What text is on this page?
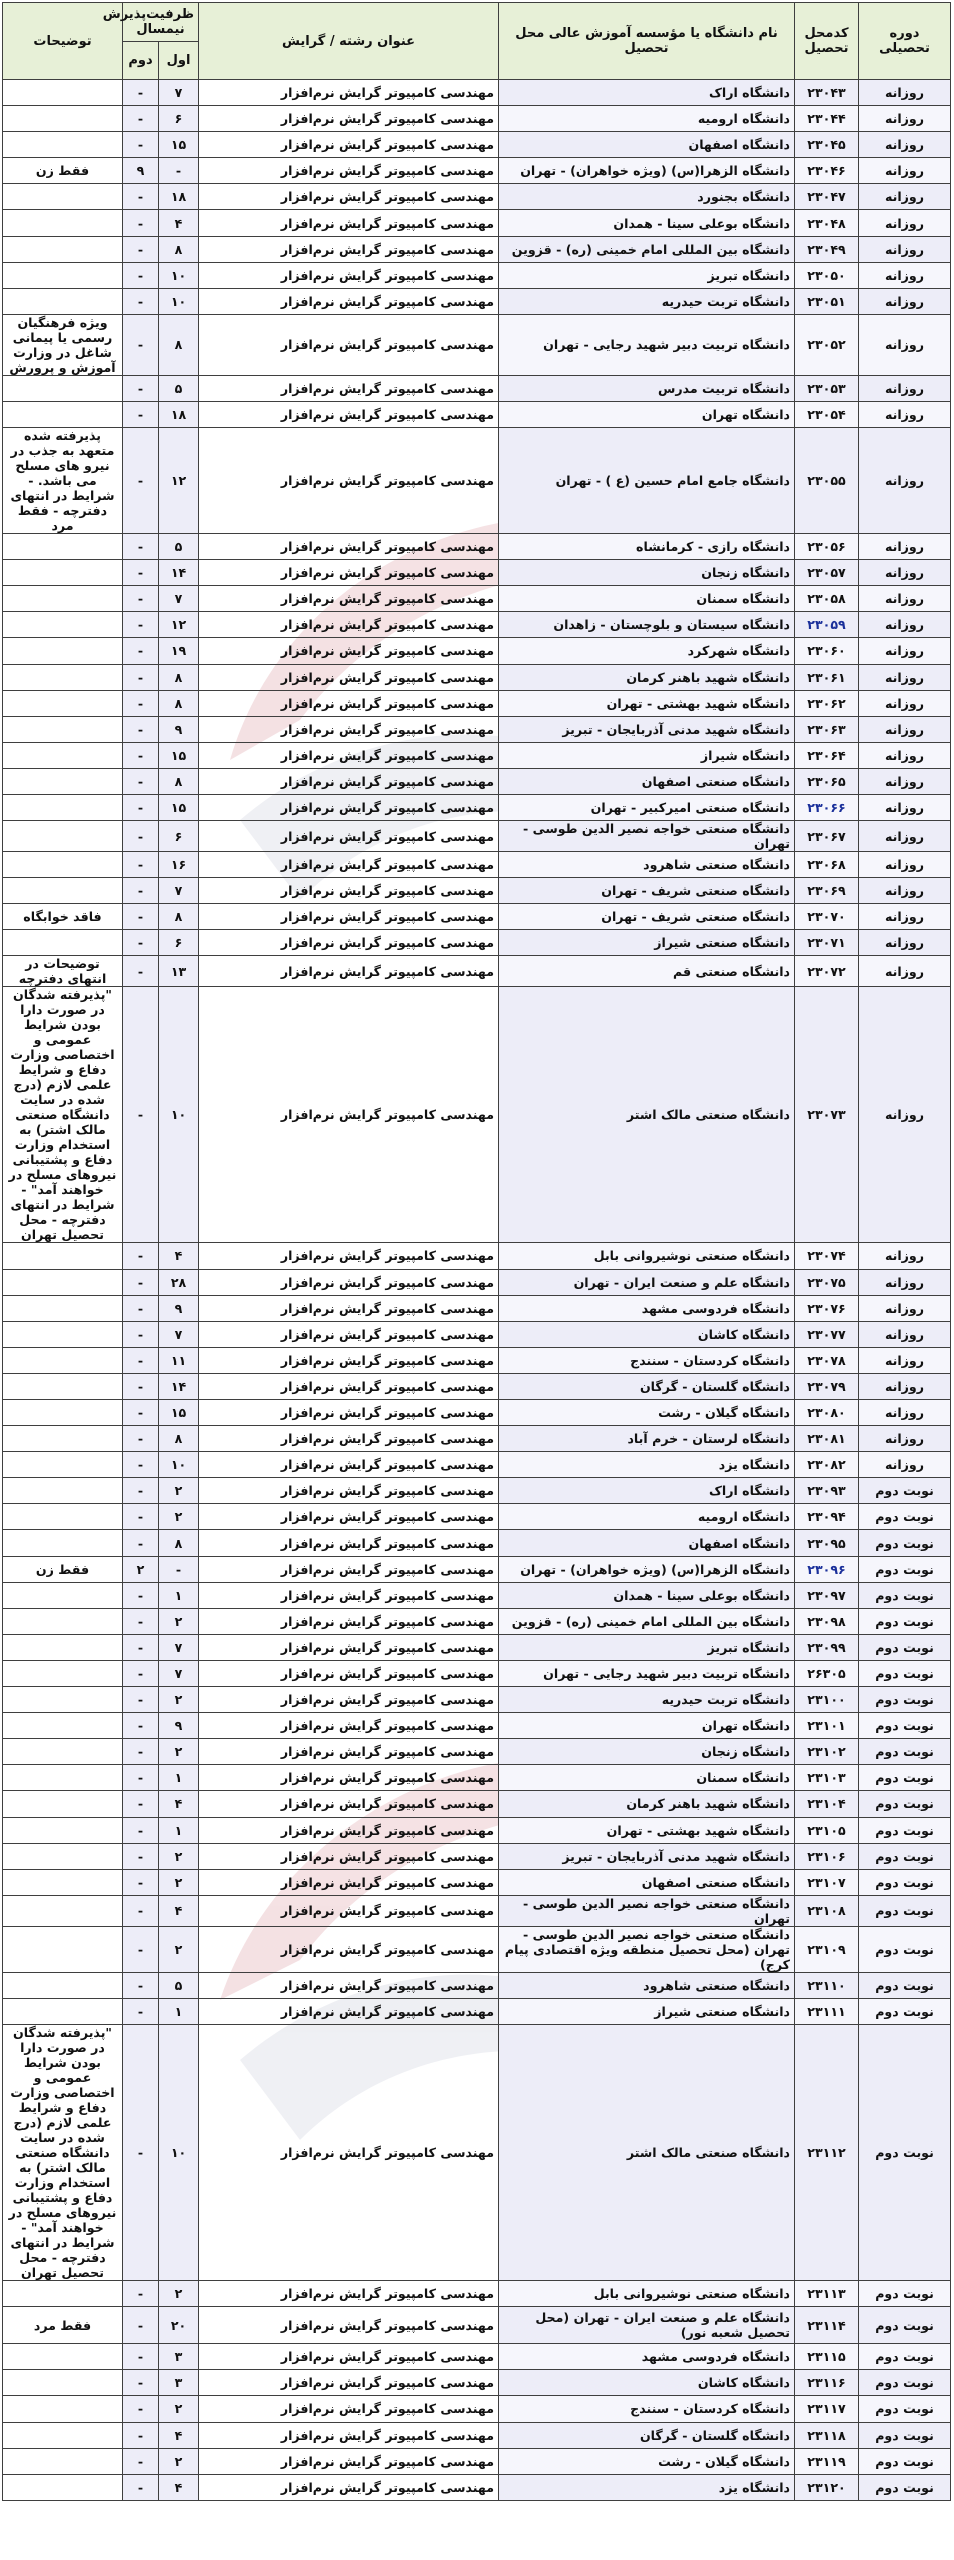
دوره تحصیلی	کدمحل تحصیل	نام دانشگاه یا مؤسسه آموزش عالی محل تحصیل	عنوان رشته / گرایش	ظرفیت‌پذیرش نیمسال		توضیحات
				اول	دوم	
روزانه	۲۳۰۴۳	دانشگاه اراک	مهندسی کامپیوتر گرایش نرم‌افزار	۷	-	
روزانه	۲۳۰۴۴	دانشگاه ارومیه	مهندسی کامپیوتر گرایش نرم‌افزار	۶	-	
روزانه	۲۳۰۴۵	دانشگاه اصفهان	مهندسی کامپیوتر گرایش نرم‌افزار	۱۵	-	
روزانه	۲۳۰۴۶	دانشگاه الزهرا(س) (ویژه خواهران) - تهران	مهندسی کامپیوتر گرایش نرم‌افزار	-	۹	فقط زن
روزانه	۲۳۰۴۷	دانشگاه بجنورد	مهندسی کامپیوتر گرایش نرم‌افزار	۱۸	-	
روزانه	۲۳۰۴۸	دانشگاه بوعلی سینا - همدان	مهندسی کامپیوتر گرایش نرم‌افزار	۴	-	
روزانه	۲۳۰۴۹	دانشگاه بین المللی امام خمینی (ره) - قزوین	مهندسی کامپیوتر گرایش نرم‌افزار	۸	-	
روزانه	۲۳۰۵۰	دانشگاه تبریز	مهندسی کامپیوتر گرایش نرم‌افزار	۱۰	-	
روزانه	۲۳۰۵۱	دانشگاه تربت حیدریه	مهندسی کامپیوتر گرایش نرم‌افزار	۱۰	-	
روزانه	۲۳۰۵۲	دانشگاه تربیت دبیر شهید رجایی - تهران	مهندسی کامپیوتر گرایش نرم‌افزار	۸	-	ویژه فرهنگیان رسمی یا پیمانی شاغل در وزارت آموزش و پرورش
روزانه	۲۳۰۵۳	دانشگاه تربیت مدرس	مهندسی کامپیوتر گرایش نرم‌افزار	۵	-	
روزانه	۲۳۰۵۴	دانشگاه تهران	مهندسی کامپیوتر گرایش نرم‌افزار	۱۸	-	
روزانه	۲۳۰۵۵	دانشگاه جامع امام حسین (ع ) - تهران	مهندسی کامپیوتر گرایش نرم‌افزار	۱۲	-	پذیرفته شده متعهد به جذب در نیرو های مسلح می باشد. - شرایط در انتهای دفترچه - فقط مرد
روزانه	۲۳۰۵۶	دانشگاه رازی - کرمانشاه	مهندسی کامپیوتر گرایش نرم‌افزار	۵	-	
روزانه	۲۳۰۵۷	دانشگاه زنجان	مهندسی کامپیوتر گرایش نرم‌افزار	۱۴	-	
روزانه	۲۳۰۵۸	دانشگاه سمنان	مهندسی کامپیوتر گرایش نرم‌افزار	۷	-	
روزانه	۲۳۰۵۹	دانشگاه سیستان و بلوچستان - زاهدان	مهندسی کامپیوتر گرایش نرم‌افزار	۱۲	-	
روزانه	۲۳۰۶۰	دانشگاه شهرکرد	مهندسی کامپیوتر گرایش نرم‌افزار	۱۹	-	
روزانه	۲۳۰۶۱	دانشگاه شهید باهنر کرمان	مهندسی کامپیوتر گرایش نرم‌افزار	۸	-	
روزانه	۲۳۰۶۲	دانشگاه شهید بهشتی - تهران	مهندسی کامپیوتر گرایش نرم‌افزار	۸	-	
روزانه	۲۳۰۶۳	دانشگاه شهید مدنی آذربایجان - تبریز	مهندسی کامپیوتر گرایش نرم‌افزار	۹	-	
روزانه	۲۳۰۶۴	دانشگاه شیراز	مهندسی کامپیوتر گرایش نرم‌افزار	۱۵	-	
روزانه	۲۳۰۶۵	دانشگاه صنعتی اصفهان	مهندسی کامپیوتر گرایش نرم‌افزار	۸	-	
روزانه	۲۳۰۶۶	دانشگاه صنعتی امیرکبیر - تهران	مهندسی کامپیوتر گرایش نرم‌افزار	۱۵	-	
روزانه	۲۳۰۶۷	دانشگاه صنعتی خواجه نصیر الدین طوسی - تهران	مهندسی کامپیوتر گرایش نرم‌افزار	۶	-	
روزانه	۲۳۰۶۸	دانشگاه صنعتی شاهرود	مهندسی کامپیوتر گرایش نرم‌افزار	۱۶	-	
روزانه	۲۳۰۶۹	دانشگاه صنعتی شریف - تهران	مهندسی کامپیوتر گرایش نرم‌افزار	۷	-	
روزانه	۲۳۰۷۰	دانشگاه صنعتی شریف - تهران	مهندسی کامپیوتر گرایش نرم‌افزار	۸	-	فاقد خوابگاه
روزانه	۲۳۰۷۱	دانشگاه صنعتی شیراز	مهندسی کامپیوتر گرایش نرم‌افزار	۶	-	
روزانه	۲۳۰۷۲	دانشگاه صنعتی قم	مهندسی کامپیوتر گرایش نرم‌افزار	۱۳	-	توضیحات در انتهای دفترچه
روزانه	۲۳۰۷۳	دانشگاه صنعتی مالک اشتر	مهندسی کامپیوتر گرایش نرم‌افزار	۱۰	-	"پذیرفته شدگان در صورت دارا بودن شرایط عمومی و اختصاصی وزارت دفاع و شرایط علمی لازم (درج شده در سایت دانشگاه صنعتی مالک اشتر) به استخدام وزارت دفاع و پشتیبانی نیروهای مسلح در خواهند آمد" - شرایط در انتهای دفترچه - محل تحصیل تهران
روزانه	۲۳۰۷۴	دانشگاه صنعتی نوشیروانی بابل	مهندسی کامپیوتر گرایش نرم‌افزار	۴	-	
روزانه	۲۳۰۷۵	دانشگاه علم و صنعت ایران - تهران	مهندسی کامپیوتر گرایش نرم‌افزار	۲۸	-	
روزانه	۲۳۰۷۶	دانشگاه فردوسی مشهد	مهندسی کامپیوتر گرایش نرم‌افزار	۹	-	
روزانه	۲۳۰۷۷	دانشگاه کاشان	مهندسی کامپیوتر گرایش نرم‌افزار	۷	-	
روزانه	۲۳۰۷۸	دانشگاه کردستان - سنندج	مهندسی کامپیوتر گرایش نرم‌افزار	۱۱	-	
روزانه	۲۳۰۷۹	دانشگاه گلستان - گرگان	مهندسی کامپیوتر گرایش نرم‌افزار	۱۴	-	
روزانه	۲۳۰۸۰	دانشگاه گیلان - رشت	مهندسی کامپیوتر گرایش نرم‌افزار	۱۵	-	
روزانه	۲۳۰۸۱	دانشگاه لرستان - خرم آباد	مهندسی کامپیوتر گرایش نرم‌افزار	۸	-	
روزانه	۲۳۰۸۲	دانشگاه یزد	مهندسی کامپیوتر گرایش نرم‌افزار	۱۰	-	
نوبت دوم	۲۳۰۹۳	دانشگاه اراک	مهندسی کامپیوتر گرایش نرم‌افزار	۲	-	
نوبت دوم	۲۳۰۹۴	دانشگاه ارومیه	مهندسی کامپیوتر گرایش نرم‌افزار	۲	-	
نوبت دوم	۲۳۰۹۵	دانشگاه اصفهان	مهندسی کامپیوتر گرایش نرم‌افزار	۸	-	
نوبت دوم	۲۳۰۹۶	دانشگاه الزهرا(س) (ویژه خواهران) - تهران	مهندسی کامپیوتر گرایش نرم‌افزار	-	۲	فقط زن
نوبت دوم	۲۳۰۹۷	دانشگاه بوعلی سینا - همدان	مهندسی کامپیوتر گرایش نرم‌افزار	۱	-	
نوبت دوم	۲۳۰۹۸	دانشگاه بین المللی امام خمینی (ره) - قزوین	مهندسی کامپیوتر گرایش نرم‌افزار	۲	-	
نوبت دوم	۲۳۰۹۹	دانشگاه تبریز	مهندسی کامپیوتر گرایش نرم‌افزار	۷	-	
نوبت دوم	۲۶۳۰۵	دانشگاه تربیت دبیر شهید رجایی - تهران	مهندسی کامپیوتر گرایش نرم‌افزار	۷	-	
نوبت دوم	۲۳۱۰۰	دانشگاه تربت حیدریه	مهندسی کامپیوتر گرایش نرم‌افزار	۲	-	
نوبت دوم	۲۳۱۰۱	دانشگاه تهران	مهندسی کامپیوتر گرایش نرم‌افزار	۹	-	
نوبت دوم	۲۳۱۰۲	دانشگاه زنجان	مهندسی کامپیوتر گرایش نرم‌افزار	۲	-	
نوبت دوم	۲۳۱۰۳	دانشگاه سمنان	مهندسی کامپیوتر گرایش نرم‌افزار	۱	-	
نوبت دوم	۲۳۱۰۴	دانشگاه شهید باهنر کرمان	مهندسی کامپیوتر گرایش نرم‌افزار	۴	-	
نوبت دوم	۲۳۱۰۵	دانشگاه شهید بهشتی - تهران	مهندسی کامپیوتر گرایش نرم‌افزار	۱	-	
نوبت دوم	۲۳۱۰۶	دانشگاه شهید مدنی آذربایجان - تبریز	مهندسی کامپیوتر گرایش نرم‌افزار	۲	-	
نوبت دوم	۲۳۱۰۷	دانشگاه صنعتی اصفهان	مهندسی کامپیوتر گرایش نرم‌افزار	۲	-	
نوبت دوم	۲۳۱۰۸	دانشگاه صنعتی خواجه نصیر الدین طوسی - تهران	مهندسی کامپیوتر گرایش نرم‌افزار	۴	-	
نوبت دوم	۲۳۱۰۹	دانشگاه صنعتی خواجه نصیر الدین طوسی - تهران (محل تحصیل منطقه ویژه اقتصادی پیام کرج)	مهندسی کامپیوتر گرایش نرم‌افزار	۲	-	
نوبت دوم	۲۳۱۱۰	دانشگاه صنعتی شاهرود	مهندسی کامپیوتر گرایش نرم‌افزار	۵	-	
نوبت دوم	۲۳۱۱۱	دانشگاه صنعتی شیراز	مهندسی کامپیوتر گرایش نرم‌افزار	۱	-	
نوبت دوم	۲۳۱۱۲	دانشگاه صنعتی مالک اشتر	مهندسی کامپیوتر گرایش نرم‌افزار	۱۰	-	"پذیرفته شدگان در صورت دارا بودن شرایط عمومی و اختصاصی وزارت دفاع و شرایط علمی لازم (درج شده در سایت دانشگاه صنعتی مالک اشتر) به استخدام وزارت دفاع و پشتیبانی نیروهای مسلح در خواهند آمد" - شرایط در انتهای دفترچه - محل تحصیل تهران
نوبت دوم	۲۳۱۱۳	دانشگاه صنعتی نوشیروانی بابل	مهندسی کامپیوتر گرایش نرم‌افزار	۲	-	
نوبت دوم	۲۳۱۱۴	دانشگاه علم و صنعت ایران - تهران (محل تحصیل شعبه نور)	مهندسی کامپیوتر گرایش نرم‌افزار	۲۰	-	فقط مرد
نوبت دوم	۲۳۱۱۵	دانشگاه فردوسی مشهد	مهندسی کامپیوتر گرایش نرم‌افزار	۳	-	
نوبت دوم	۲۳۱۱۶	دانشگاه کاشان	مهندسی کامپیوتر گرایش نرم‌افزار	۳	-	
نوبت دوم	۲۳۱۱۷	دانشگاه کردستان - سنندج	مهندسی کامپیوتر گرایش نرم‌افزار	۲	-	
نوبت دوم	۲۳۱۱۸	دانشگاه گلستان - گرگان	مهندسی کامپیوتر گرایش نرم‌افزار	۴	-	
نوبت دوم	۲۳۱۱۹	دانشگاه گیلان - رشت	مهندسی کامپیوتر گرایش نرم‌افزار	۲	-	
نوبت دوم	۲۳۱۲۰	دانشگاه یزد	مهندسی کامپیوتر گرایش نرم‌افزار	۴	-	
